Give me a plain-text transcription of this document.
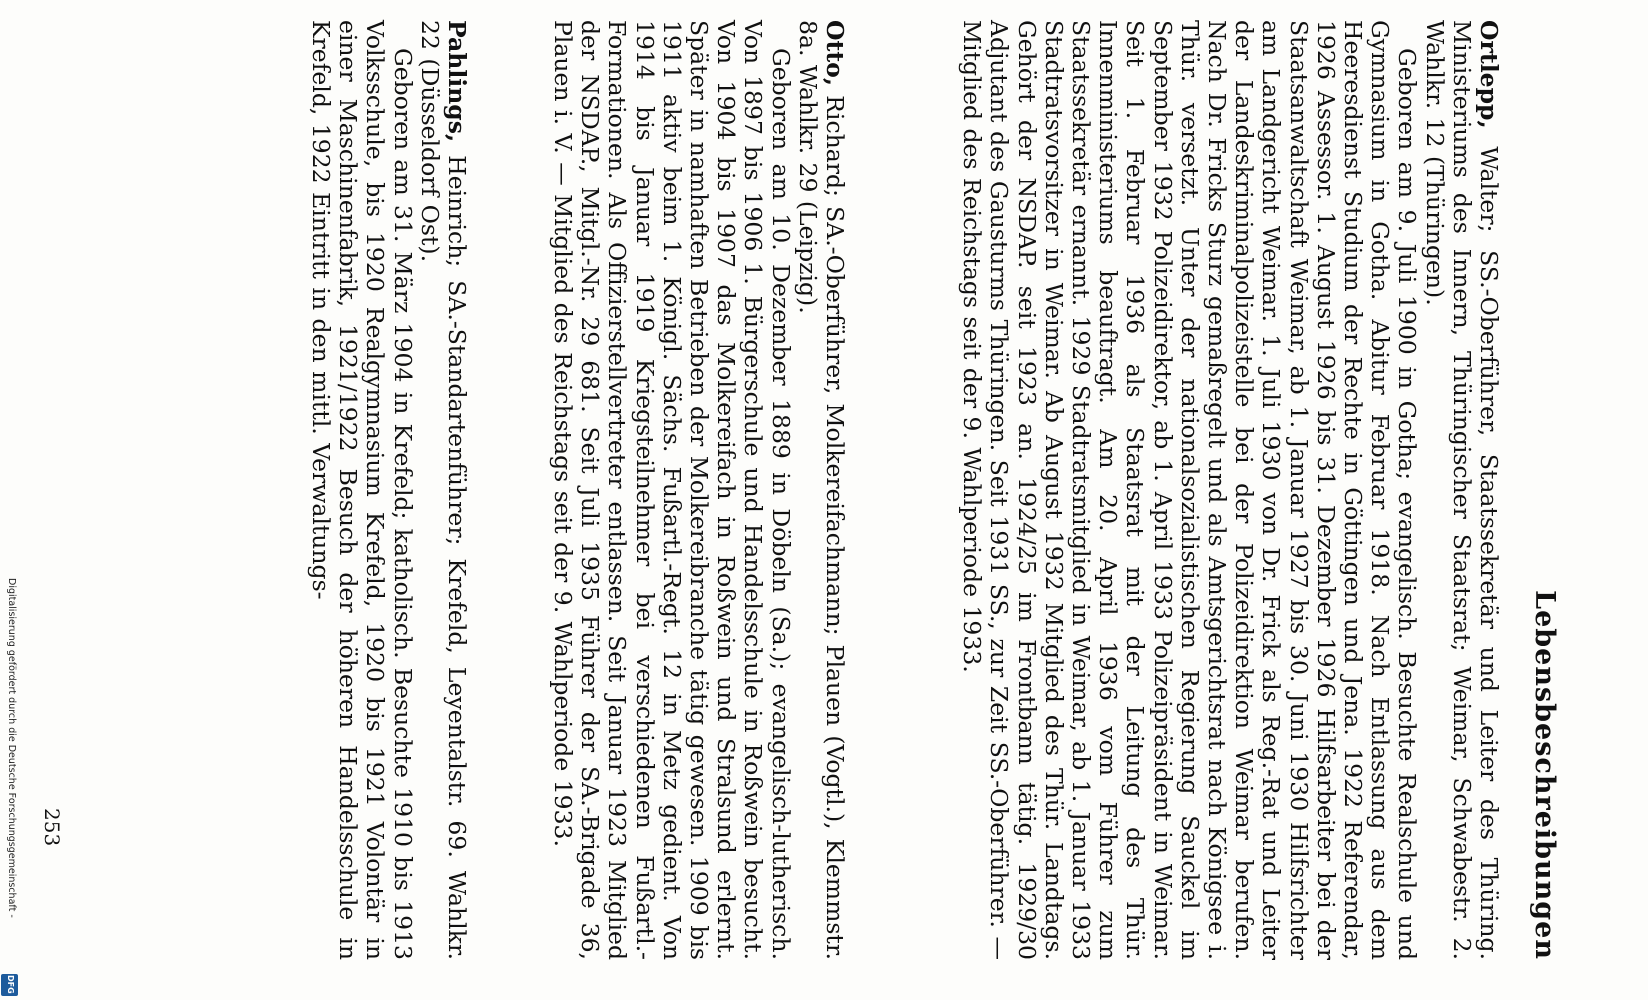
Lebensbeschreibungen

Ortlepp, Walter; SS.-Oberführer, Staatssekretär und Leiter des Thüring. Ministeriums des Innern, Thüringischer Staatsrat; Weimar, Schwabestr. 2. Wahlkr. 12 (Thüringen).

Geboren am 9. Juli 1900 in Gotha; evangelisch. Besuchte Realschule und Gymnasium in Gotha. Abitur Februar 1918. Nach Entlassung aus dem Heeresdienst Studium der Rechte in Göttingen und Jena. 1922 Referendar, 1926 Assessor. 1. August 1926 bis 31. Dezember 1926 Hilfsarbeiter bei der Staatsanwaltschaft Weimar, ab 1. Januar 1927 bis 30. Juni 1930 Hilfsrichter am Landgericht Weimar. 1. Juli 1930 von Dr. Frick als Reg.-Rat und Leiter der Landeskriminalpolizeistelle bei der Polizeidirektion Weimar berufen. Nach Dr. Fricks Sturz gemaßregelt und als Amtsgerichtsrat nach Königsee i. Thür. versetzt. Unter der nationalsozialistischen Regierung Sauckel im September 1932 Polizeidirektor, ab 1. April 1933 Polizeipräsident in Weimar. Seit 1. Februar 1936 als Staatsrat mit der Leitung des Thür. Innenministeriums beauftragt. Am 20. April 1936 vom Führer zum Staatssekretär ernannt. 1929 Stadtratsmitglied in Weimar, ab 1. Januar 1933 Stadtratsvorsitzer in Weimar. Ab August 1932 Mitglied des Thür. Landtags. Gehört der NSDAP. seit 1923 an. 1924/25 im Frontbann tätig. 1929/30 Adjutant des Gausturms Thüringen. Seit 1931 SS., zur Zeit SS.-Oberführer. — Mitglied des Reichstags seit der 9. Wahlperiode 1933.

Otto, Richard; SA.-Oberführer, Molkereifachmann; Plauen (Vogtl.), Klemmstr. 8a. Wahlkr. 29 (Leipzig).

Geboren am 10. Dezember 1889 in Döbeln (Sa.); evangelisch-lutherisch. Von 1897 bis 1906 1. Bürgerschule und Handelsschule in Roßwein besucht. Von 1904 bis 1907 das Molkereifach in Roßwein und Stralsund erlernt. Später in namhaften Betrieben der Molkereibranche tätig gewesen. 1909 bis 1911 aktiv beim 1. Königl. Sächs. Fußartl.-Regt. 12 in Metz gedient. Von 1914 bis Januar 1919 Kriegsteilnehmer bei verschiedenen Fußartl.-Formationen. Als Offizierstellvertreter entlassen. Seit Januar 1923 Mitglied der NSDAP., Mitgl.-Nr. 29 681. Seit Juli 1935 Führer der SA.-Brigade 36, Plauen i. V. — Mitglied des Reichstags seit der 9. Wahlperiode 1933.

Pahlings, Heinrich; SA.-Standartenführer; Krefeld, Leyentalstr. 69. Wahlkr. 22 (Düsseldorf Ost).

Geboren am 31. März 1904 in Krefeld; katholisch. Besuchte 1910 bis 1913 Volksschule, bis 1920 Realgymnasium Krefeld, 1920 bis 1921 Volontär in einer Maschinenfabrik, 1921/1922 Besuch der höheren Handelsschule in Krefeld, 1922 Eintritt in den mittl. Verwaltungs-

253
Digitalisierung gefördert durch die Deutsche Forschungsgemeinschaft -
DFG
